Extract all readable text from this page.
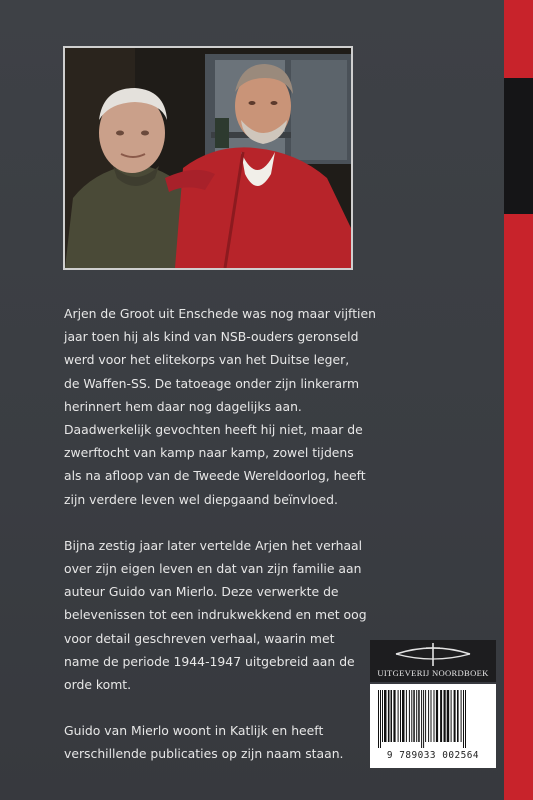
Arjen de Groot uit Enschede was nog maar vijftien
jaar toen hij als kind van NSB-ouders geronseld
werd voor het elitekorps van het Duitse leger,
de Waffen-SS. De tatoeage onder zijn linkerarm
herinnert hem daar nog dagelijks aan.
Daadwerkelijk gevochten heeft hij niet, maar de
zwerftocht van kamp naar kamp, zowel tijdens
als na afloop van de Tweede Wereldoorlog, heeft
zijn verdere leven wel diepgaand beïnvloed.

Bijna zestig jaar later vertelde Arjen het verhaal
over zijn eigen leven en dat van zijn familie aan
auteur Guido van Mierlo. Deze verwerkte de
belevenissen tot een indrukwekkend en met oog
voor detail geschreven verhaal, waarin met
name de periode 1944-1947 uitgebreid aan de
orde komt.

Guido van Mierlo woont in Katlijk en heeft
verschillende publicaties op zijn naam staan.

UITGEVERIJ NOORDBOEK
9 789033 002564
